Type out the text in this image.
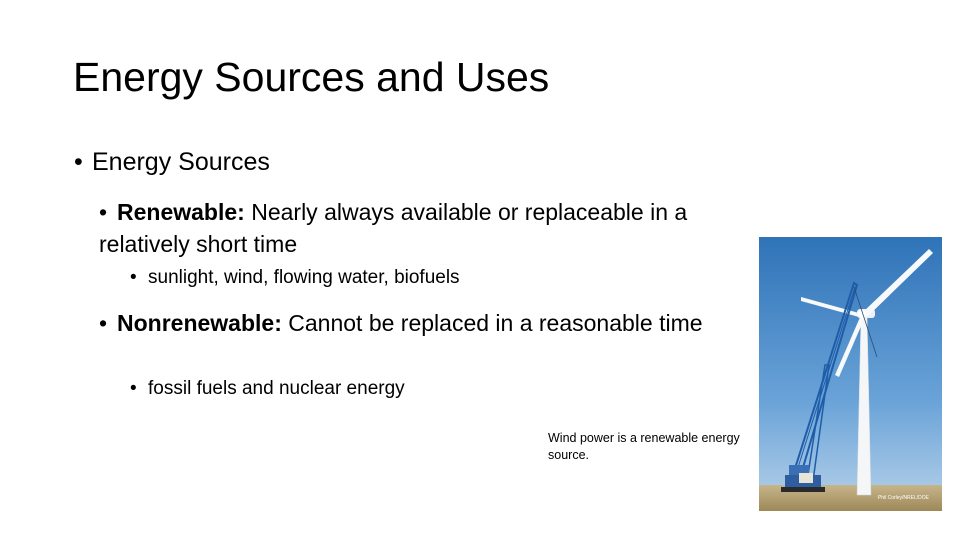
Energy Sources and Uses
• Energy Sources
• Renewable: Nearly always available or replaceable in a relatively short time
• sunlight, wind, flowing water, biofuels
• Nonrenewable: Cannot be replaced in a reasonable time
• fossil fuels and nuclear energy
Wind power is a renewable energy source.
Phil Corley/NREL/DOE
